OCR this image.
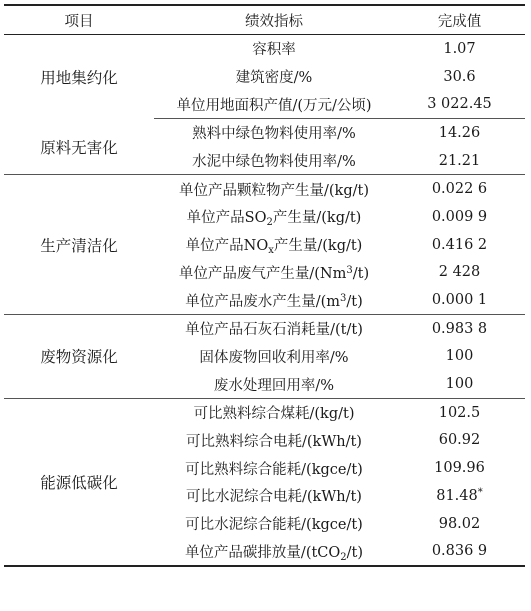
项目	绩效指标	完成值
用地集约化	容积率	1.07
	建筑密度/%	30.6
	单位用地面积产值/(万元/公顷)	3 022.45
原料无害化	熟料中绿色物料使用率/%	14.26
	水泥中绿色物料使用率/%	21.21
生产清洁化	单位产品颗粒物产生量/(kg/t)	0.022 6
	单位产品$SO_2$产生量/(kg/t)	0.009 9
	单位产品$NO_x$产生量/(kg/t)	0.416 2
	单位产品废气产生量/(Nm$^3$/t)	2 428
	单位产品废水产生量$/(m^3/t)$	0.000 1
废物资源化	单位产品石灰石消耗量/(t/t)	0.983 8
	固体废物回收利用率/%	100
	废水处理回用率/%	100
能源低碳化	可比熟料综合煤耗/(kg/t)	102.5
	可比熟料综合电耗/(kWh/t)	60.92
	可比熟料综合能耗/(kgce/t)	109.96
	可比水泥综合电耗/(kWh/t)	81.48*
	可比水泥综合能耗/(kgce/t)	98.02
	单位产品碳排放量/(tCO$_2$/t)	0.836 9
